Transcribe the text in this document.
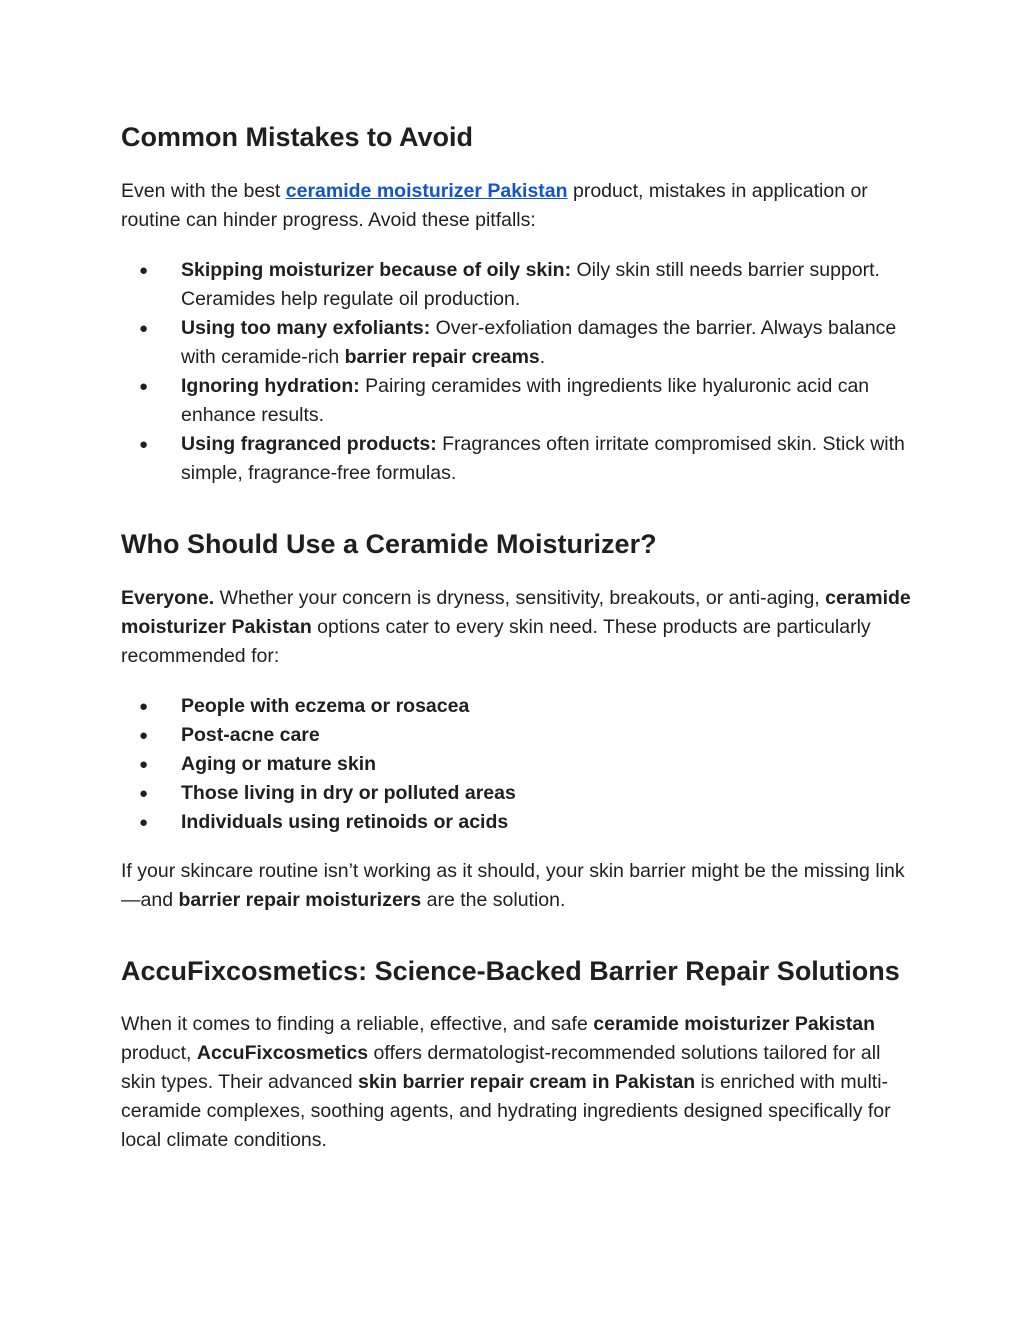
Common Mistakes to Avoid

Even with the best ceramide moisturizer Pakistan product, mistakes in application or routine can hinder progress. Avoid these pitfalls:

● Skipping moisturizer because of oily skin: Oily skin still needs barrier support. Ceramides help regulate oil production.
● Using too many exfoliants: Over-exfoliation damages the barrier. Always balance with ceramide-rich barrier repair creams.
● Ignoring hydration: Pairing ceramides with ingredients like hyaluronic acid can enhance results.
● Using fragranced products: Fragrances often irritate compromised skin. Stick with simple, fragrance-free formulas.
Who Should Use a Ceramide Moisturizer?

Everyone. Whether your concern is dryness, sensitivity, breakouts, or anti-aging, ceramide moisturizer Pakistan options cater to every skin need. These products are particularly recommended for:

● People with eczema or rosacea
● Post-acne care
● Aging or mature skin
● Those living in dry or polluted areas
● Individuals using retinoids or acids

If your skincare routine isn’t working as it should, your skin barrier might be the missing link—and barrier repair moisturizers are the solution.

AccuFixcosmetics: Science-Backed Barrier Repair Solutions

When it comes to finding a reliable, effective, and safe ceramide moisturizer Pakistan product, AccuFixcosmetics offers dermatologist-recommended solutions tailored for all skin types. Their advanced skin barrier repair cream in Pakistan is enriched with multi-ceramide complexes, soothing agents, and hydrating ingredients designed specifically for local climate conditions.
